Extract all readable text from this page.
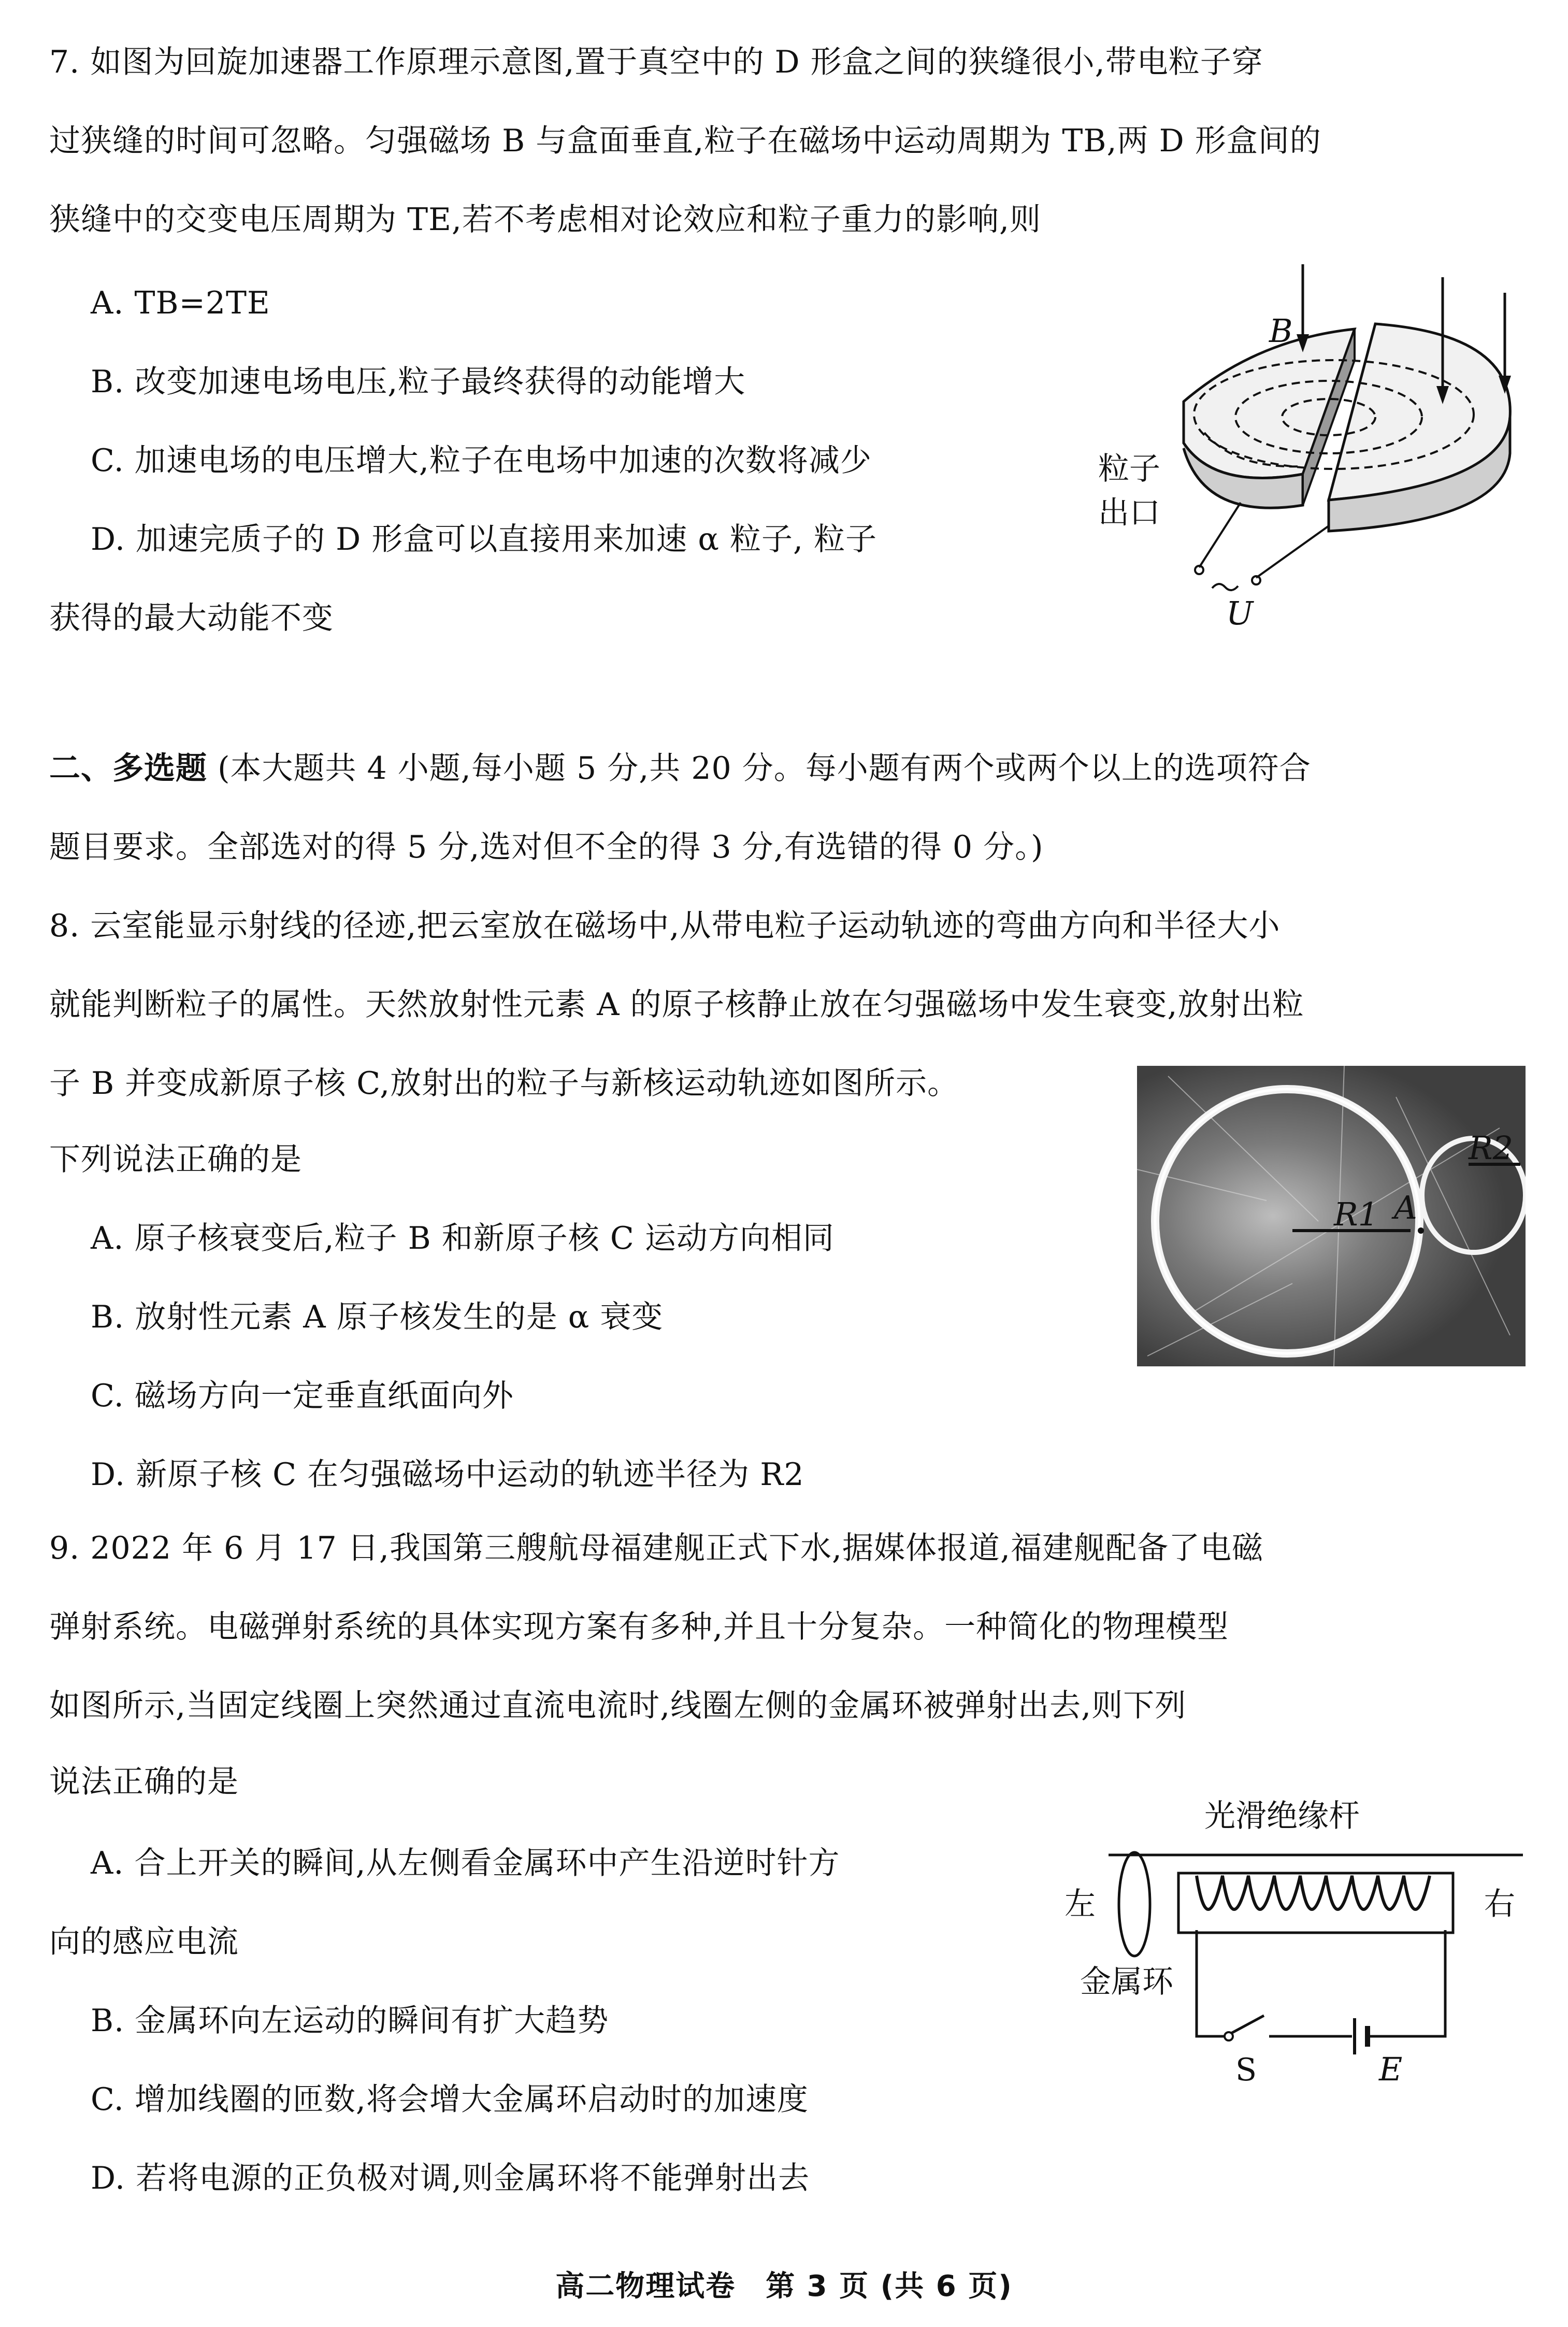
7. 如图为回旋加速器工作原理示意图,置于真空中的 D 形盒之间的狭缝很小,带电粒子穿
过狭缝的时间可忽略。匀强磁场 B 与盒面垂直,粒子在磁场中运动周期为 TB,两 D 形盒间的
狭缝中的交变电压周期为 TE,若不考虑相对论效应和粒子重力的影响,则
A. TB=2TE
B. 改变加速电场电压,粒子最终获得的动能增大
C. 加速电场的电压增大,粒子在电场中加速的次数将减少
D. 加速完质子的 D 形盒可以直接用来加速 α 粒子, 粒子
获得的最大动能不变
B
粒子
出口
U
二、多选题 (本大题共 4 小题,每小题 5 分,共 20 分。每小题有两个或两个以上的选项符合
题目要求。全部选对的得 5 分,选对但不全的得 3 分,有选错的得 0 分。)
8. 云室能显示射线的径迹,把云室放在磁场中,从带电粒子运动轨迹的弯曲方向和半径大小
就能判断粒子的属性。天然放射性元素 A 的原子核静止放在匀强磁场中发生衰变,放射出粒
子 B 并变成新原子核 C,放射出的粒子与新核运动轨迹如图所示。
下列说法正确的是
A. 原子核衰变后,粒子 B 和新原子核 C 运动方向相同
B. 放射性元素 A 原子核发生的是 α 衰变
C. 磁场方向一定垂直纸面向外
D. 新原子核 C 在匀强磁场中运动的轨迹半径为 R2
R1 A
R2
9. 2022 年 6 月 17 日,我国第三艘航母福建舰正式下水,据媒体报道,福建舰配备了电磁
弹射系统。电磁弹射系统的具体实现方案有多种,并且十分复杂。一种简化的物理模型
如图所示,当固定线圈上突然通过直流电流时,线圈左侧的金属环被弹射出去,则下列
说法正确的是
A. 合上开关的瞬间,从左侧看金属环中产生沿逆时针方
向的感应电流
B. 金属环向左运动的瞬间有扩大趋势
C. 增加线圈的匝数,将会增大金属环启动时的加速度
D. 若将电源的正负极对调,则金属环将不能弹射出去
光滑绝缘杆
左	右
金属环
S	E
高二物理试卷　第 3 页 (共 6 页)
